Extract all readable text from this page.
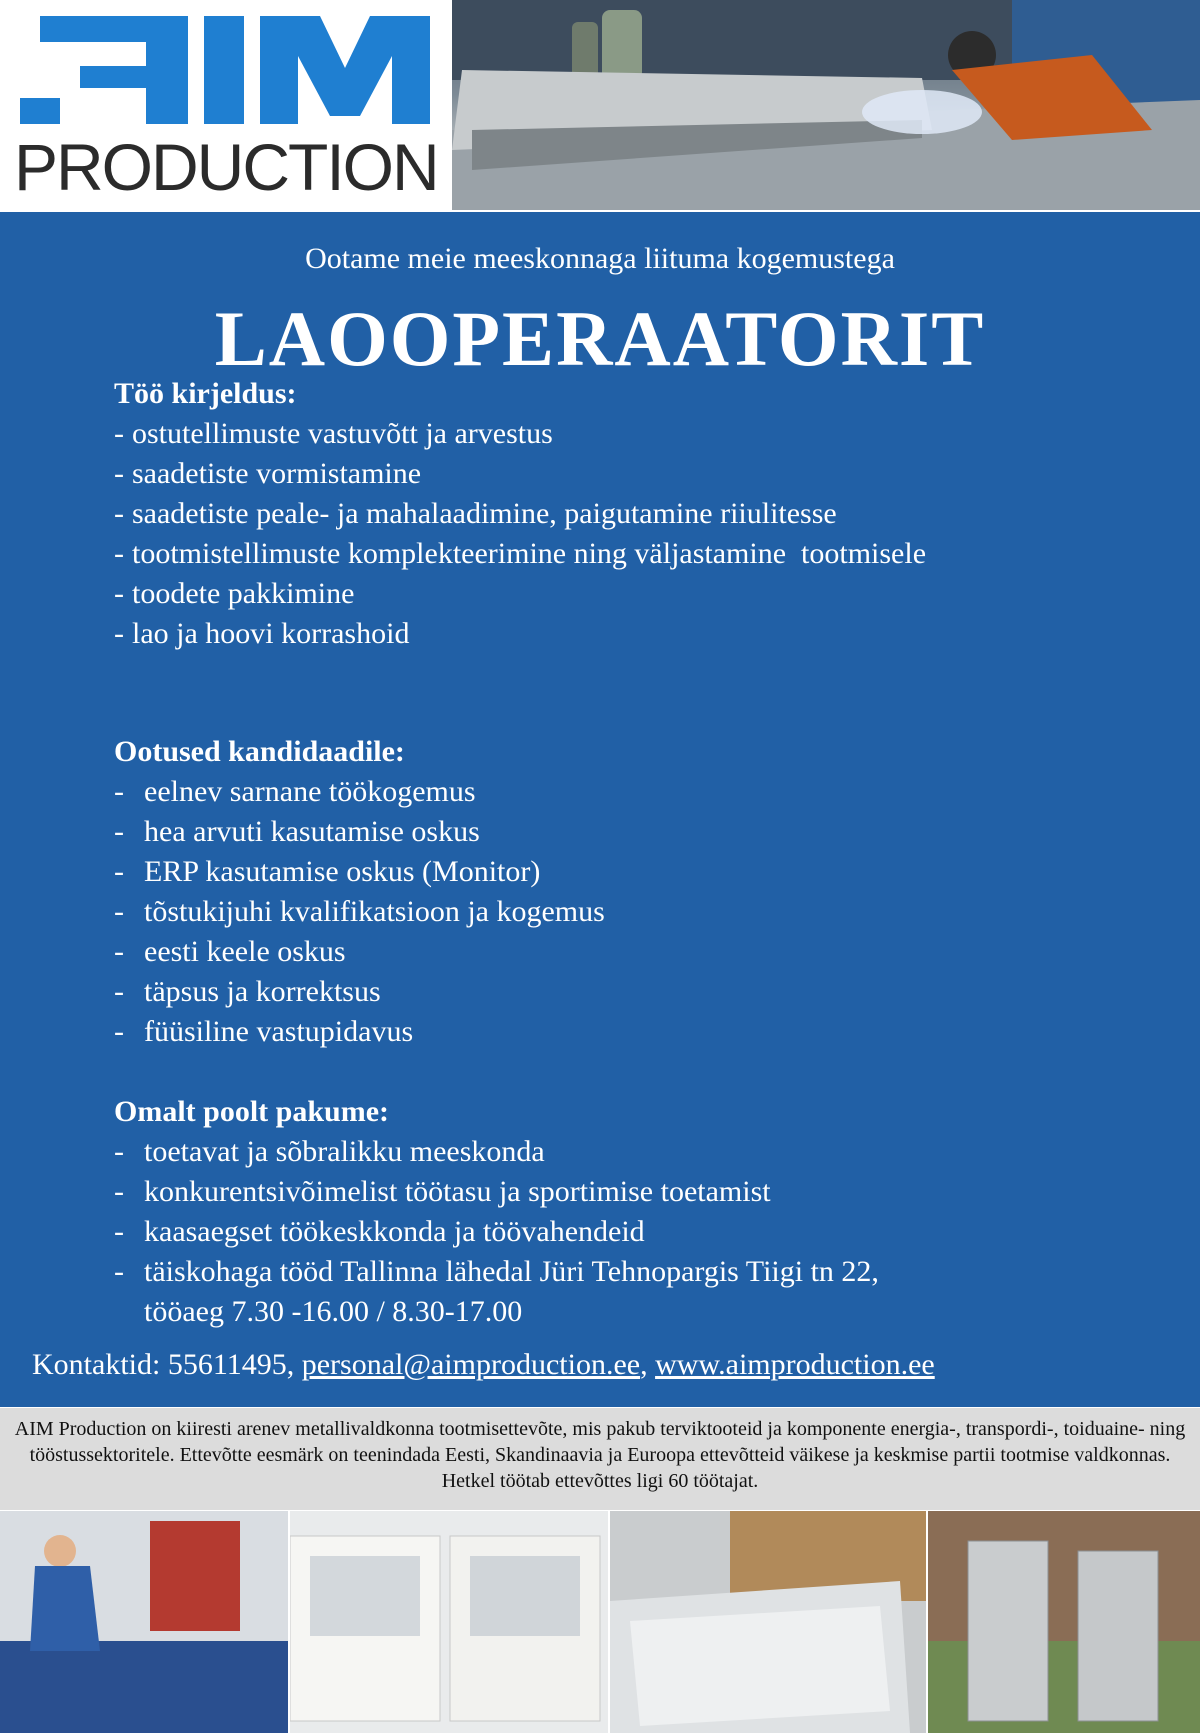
PRODUCTION
Ootame meie meeskonnaga liituma kogemustega
LAOOPERAATORIT
Töö kirjeldus:
- ostutellimuste vastuvõtt ja arvestus
- saadetiste vormistamine
- saadetiste peale- ja mahalaadimine, paigutamine riiulitesse
- tootmistellimuste komplekteerimine ning väljastamine  tootmisele
- toodete pakkimine
- lao ja hoovi korrashoid
Ootused kandidaadile:
- eelnev sarnane töökogemus
- hea arvuti kasutamise oskus
- ERP kasutamise oskus (Monitor)
- tõstukijuhi kvalifikatsioon ja kogemus
- eesti keele oskus
- täpsus ja korrektsus
- füüsiline vastupidavus
Omalt poolt pakume:
- toetavat ja sõbralikku meeskonda
- konkurentsivõimelist töötasu ja sportimise toetamist
- kaasaegset töökeskkonda ja töövahendeid
- täiskohaga tööd Tallinna lähedal Jüri Tehnopargis Tiigi tn 22,
tööaeg 7.30 -16.00 / 8.30-17.00
Kontaktid: 55611495, personal@aimproduction.ee, www.aimproduction.ee

AIM Production on kiiresti arenev metallivaldkonna tootmisettevõte, mis pakub terviktooteid ja komponente energia-, transpordi-, toiduaine- ning tööstussektoritele. Ettevõtte eesmärk on teenindada Eesti, Skandinaavia ja Euroopa ettevõtteid väikese ja keskmise partii tootmise valdkonnas. Hetkel töötab ettevõttes ligi 60 töötajat.
